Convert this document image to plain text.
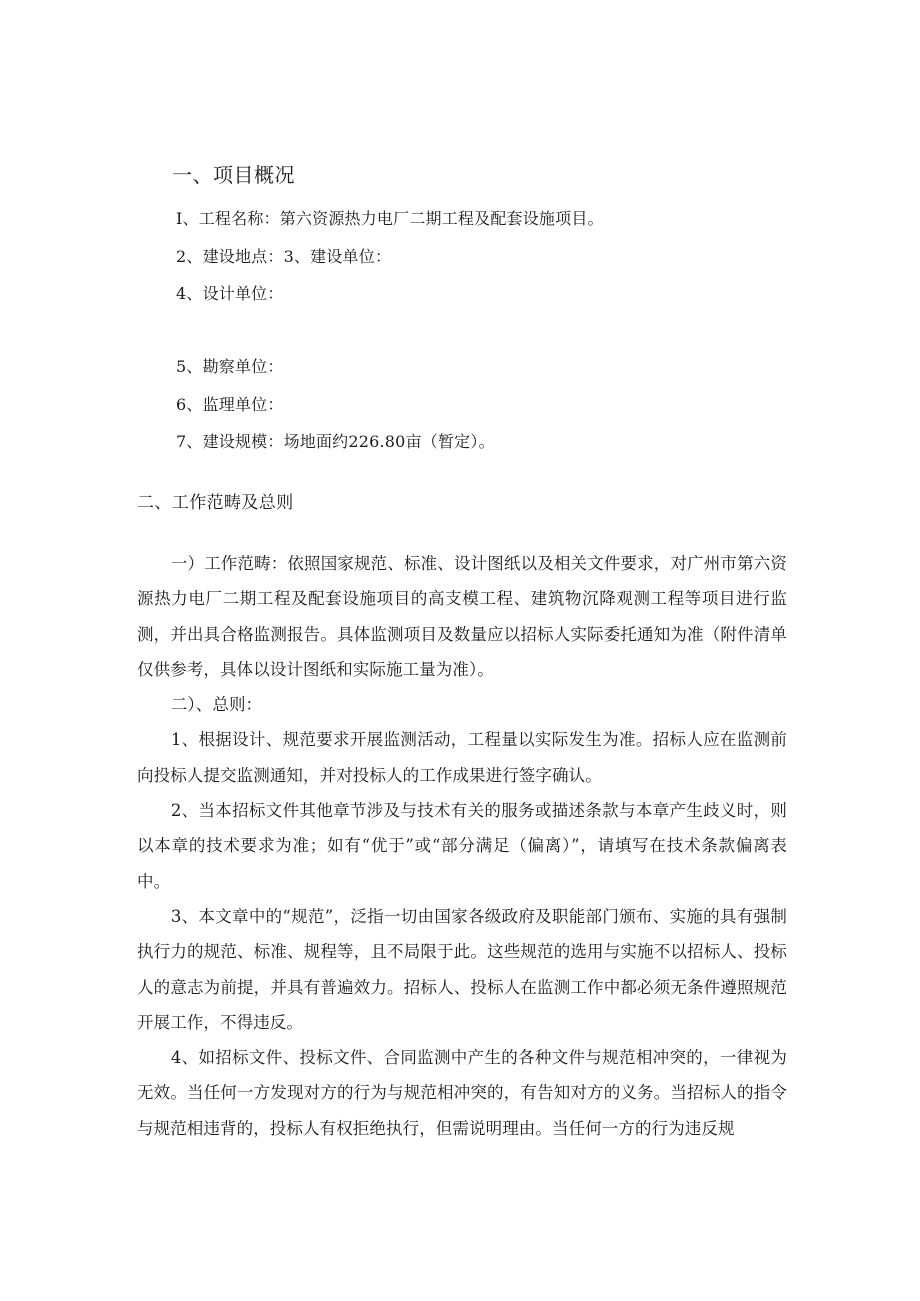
一、项目概况
I、工程名称：第六资源热力电厂二期工程及配套设施项目。
2、建设地点：3、建设单位：
4、设计单位：
5、勘察单位：
6、监理单位：
7、建设规模：场地面约226.80亩（暂定）。
二、工作范畴及总则

一）工作范畴：依照国家规范、标准、设计图纸以及相关文件要求，对广州市第六资源热力电厂二期工程及配套设施项目的高支模工程、建筑物沉降观测工程等项目进行监测，并出具合格监测报告。具体监测项目及数量应以招标人实际委托通知为准（附件清单仅供参考，具体以设计图纸和实际施工量为准）。

二）、总则：

1、根据设计、规范要求开展监测活动，工程量以实际发生为准。招标人应在监测前向投标人提交监测通知，并对投标人的工作成果进行签字确认。

2、当本招标文件其他章节涉及与技术有关的服务或描述条款与本章产生歧义时，则以本章的技术要求为准；如有“优于”或“部分满足（偏离）”，请填写在技术条款偏离表中。

3、本文章中的“规范”，泛指一切由国家各级政府及职能部门颁布、实施的具有强制执行力的规范、标准、规程等，且不局限于此。这些规范的选用与实施不以招标人、投标人的意志为前提，并具有普遍效力。招标人、投标人在监测工作中都必须无条件遵照规范开展工作，不得违反。

4、如招标文件、投标文件、合同监测中产生的各种文件与规范相冲突的，一律视为无效。当任何一方发现对方的行为与规范相冲突的，有告知对方的义务。当招标人的指令与规范相违背的，投标人有权拒绝执行，但需说明理由。当任何一方的行为违反规
